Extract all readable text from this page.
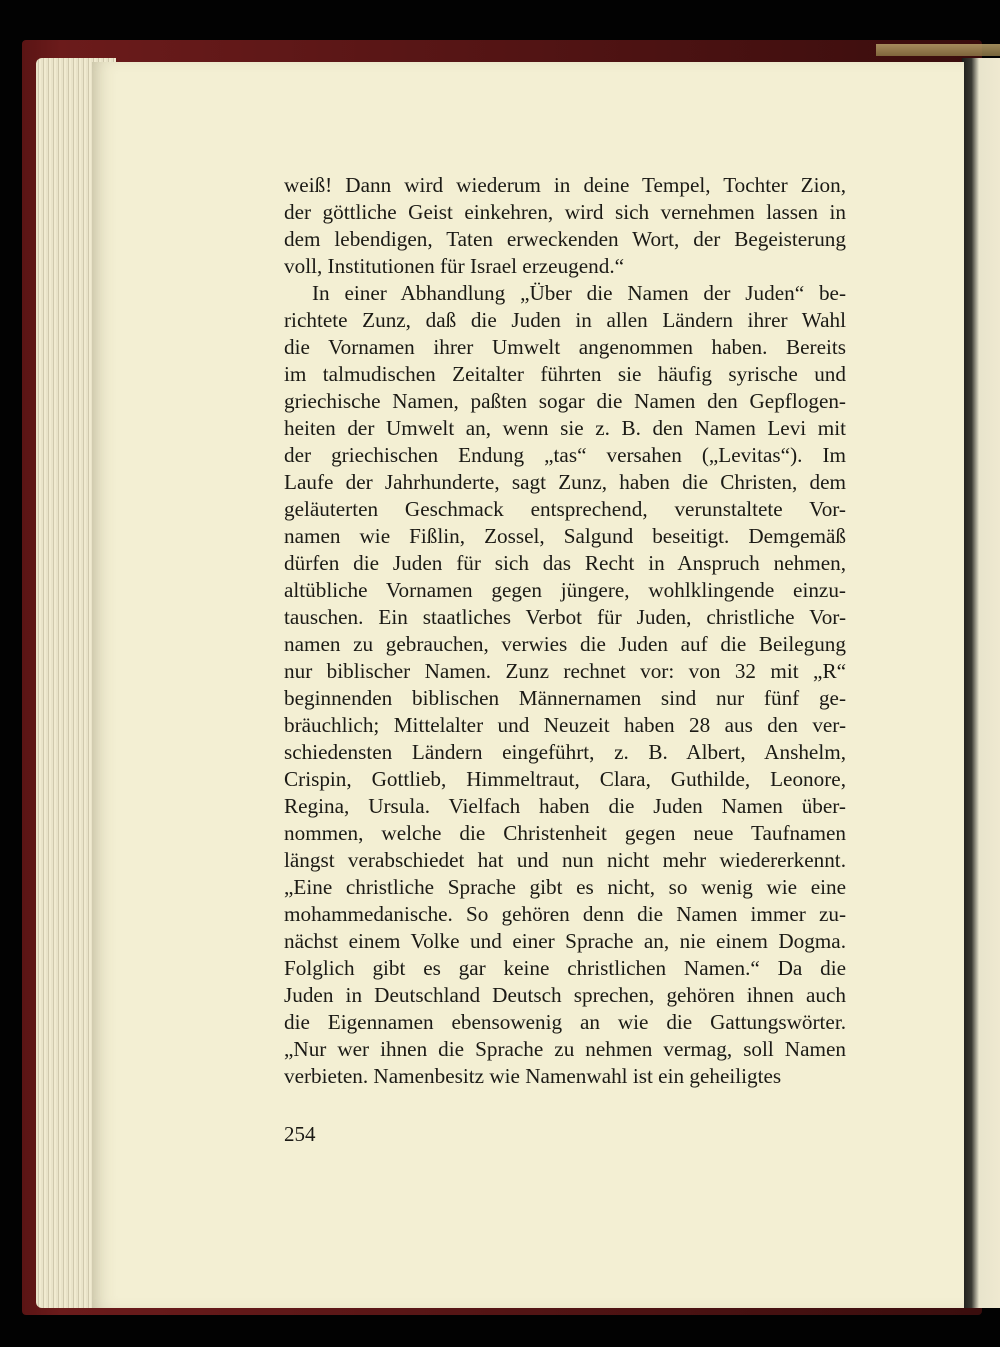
weiß! Dann wird wiederum in deine Tempel, Tochter Zion,
der göttliche Geist einkehren, wird sich vernehmen lassen in
dem lebendigen, Taten erweckenden Wort, der Begeisterung
voll, Institutionen für Israel erzeugend.“
In einer Abhandlung „Über die Namen der Juden“ be-
richtete Zunz, daß die Juden in allen Ländern ihrer Wahl
die Vornamen ihrer Umwelt angenommen haben. Bereits
im talmudischen Zeitalter führten sie häufig syrische und
griechische Namen, paßten sogar die Namen den Gepflogen-
heiten der Umwelt an, wenn sie z. B. den Namen Levi mit
der griechischen Endung „tas“ versahen („Levitas“). Im
Laufe der Jahrhunderte, sagt Zunz, haben die Christen, dem
geläuterten Geschmack entsprechend, verunstaltete Vor-
namen wie Fißlin, Zossel, Salgund beseitigt. Demgemäß
dürfen die Juden für sich das Recht in Anspruch nehmen,
altübliche Vornamen gegen jüngere, wohlklingende einzu-
tauschen. Ein staatliches Verbot für Juden, christliche Vor-
namen zu gebrauchen, verwies die Juden auf die Beilegung
nur biblischer Namen. Zunz rechnet vor: von 32 mit „R“
beginnenden biblischen Männernamen sind nur fünf ge-
bräuchlich; Mittelalter und Neuzeit haben 28 aus den ver-
schiedensten Ländern eingeführt, z. B. Albert, Anshelm,
Crispin, Gottlieb, Himmeltraut, Clara, Guthilde, Leonore,
Regina, Ursula. Vielfach haben die Juden Namen über-
nommen, welche die Christenheit gegen neue Taufnamen
längst verabschiedet hat und nun nicht mehr wiedererkennt.
„Eine christliche Sprache gibt es nicht, so wenig wie eine
mohammedanische. So gehören denn die Namen immer zu-
nächst einem Volke und einer Sprache an, nie einem Dogma.
Folglich gibt es gar keine christlichen Namen.“ Da die
Juden in Deutschland Deutsch sprechen, gehören ihnen auch
die Eigennamen ebensowenig an wie die Gattungswörter.
„Nur wer ihnen die Sprache zu nehmen vermag, soll Namen
verbieten. Namenbesitz wie Namenwahl ist ein geheiligtes
254
